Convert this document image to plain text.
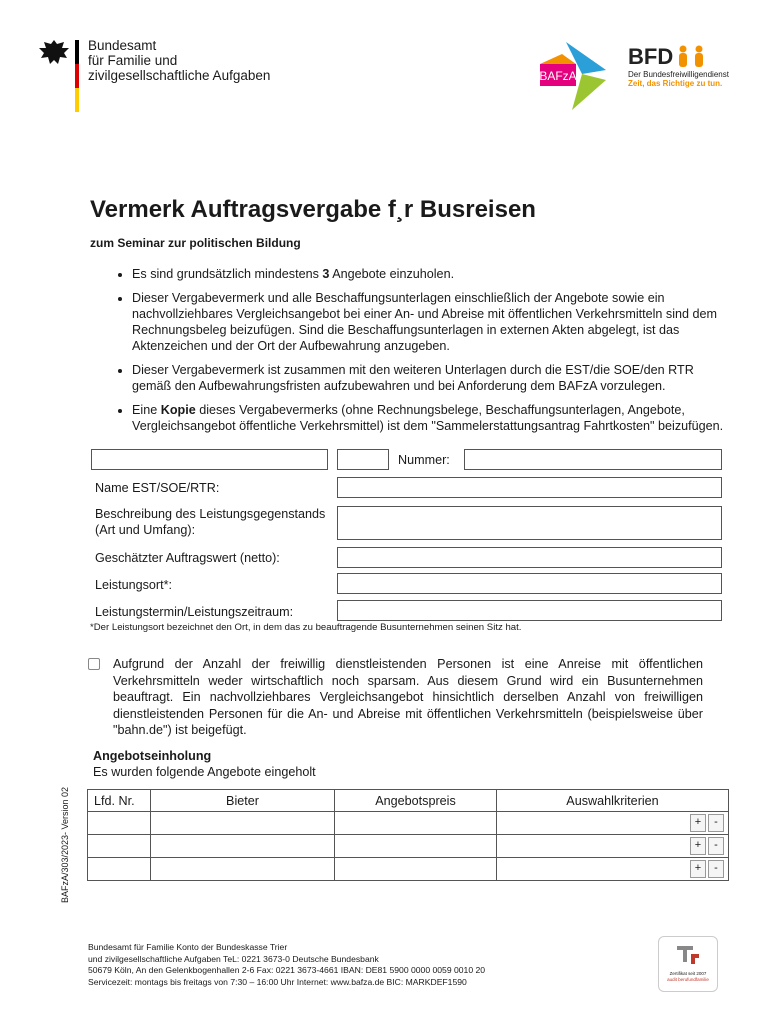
Bundesamt
für Familie und
zivilgesellschaftliche Aufgaben	BAFzA
BFD
Der Bundesfreiwilligendienst
Zeit, das Richtige zu tun.
Vermerk Auftragsvergabe f¸r Busreisen
zum Seminar zur politischen Bildung
• Es sind grundsätzlich mindestens 3 Angebote einzuholen.
• Dieser Vergabevermerk und alle Beschaffungsunterlagen einschließlich der Angebote sowie ein nachvollziehbares Vergleichsangebot bei einer An- und Abreise mit öffentlichen Verkehrsmitteln sind dem Rechnungsbeleg beizufügen. Sind die Beschaffungsunterlagen in externen Akten abgelegt, ist das Aktenzeichen und der Ort der Aufbewahrung anzugeben.
• Dieser Vergabevermerk ist zusammen mit den weiteren Unterlagen durch die EST/die SOE/den RTR gemäß den Aufbewahrungsfristen aufzubewahren und bei Anforderung dem BAFzA vorzulegen.
• Eine Kopie dieses Vergabevermerks (ohne Rechnungsbelege, Beschaffungsunterlagen, Angebote, Vergleichsangebot öffentliche Verkehrsmittel) ist dem "Sammelerstattungsantrag Fahrtkosten" beizufügen.
Nummer:
Name EST/SOE/RTR:
Beschreibung des Leistungsgegenstands (Art und Umfang):
Geschätzter Auftragswert (netto):
Leistungsort*:
Leistungstermin/Leistungszeitraum:
*Der Leistungsort bezeichnet den Ort, in dem das zu beauftragende Busunternehmen seinen Sitz hat.
Aufgrund der Anzahl der freiwillig dienstleistenden Personen ist eine Anreise mit öffentlichen Verkehrsmitteln weder wirtschaftlich noch sparsam. Aus diesem Grund wird ein Busunternehmen beauftragt. Ein nachvollziehbares Vergleichsangebot hinsichtlich derselben Anzahl von freiwilligen dienstleistenden Personen für die An- und Abreise mit öffentlichen Verkehrsmitteln (beispielsweise über "bahn.de") ist beigefügt.
Angebotseinholung
Es wurden folgende Angebote eingeholt
Lfd. Nr.	Bieter	Angebotspreis	Auswahlkriterien

			+ -

			+ -

			+ -
BAFzA/303/2023- Version 02
Bundesamt für Familie Konto der Bundeskasse Trier
und zivilgesellschaftliche Aufgaben TeL: 0221 3673-0 Deutsche Bundesbank
50679 Köln, An den Gelenkbogenhallen 2-6 Fax: 0221 3673-4661 IBAN: DE81 5900 0000 0059 0010 20
Servicezeit: montags bis freitags von 7:30 – 16:00 Uhr Internet: www.bafza.de BIC: MARKDEF1590
Zertifikat seit 2007
audit berufundfamilie
